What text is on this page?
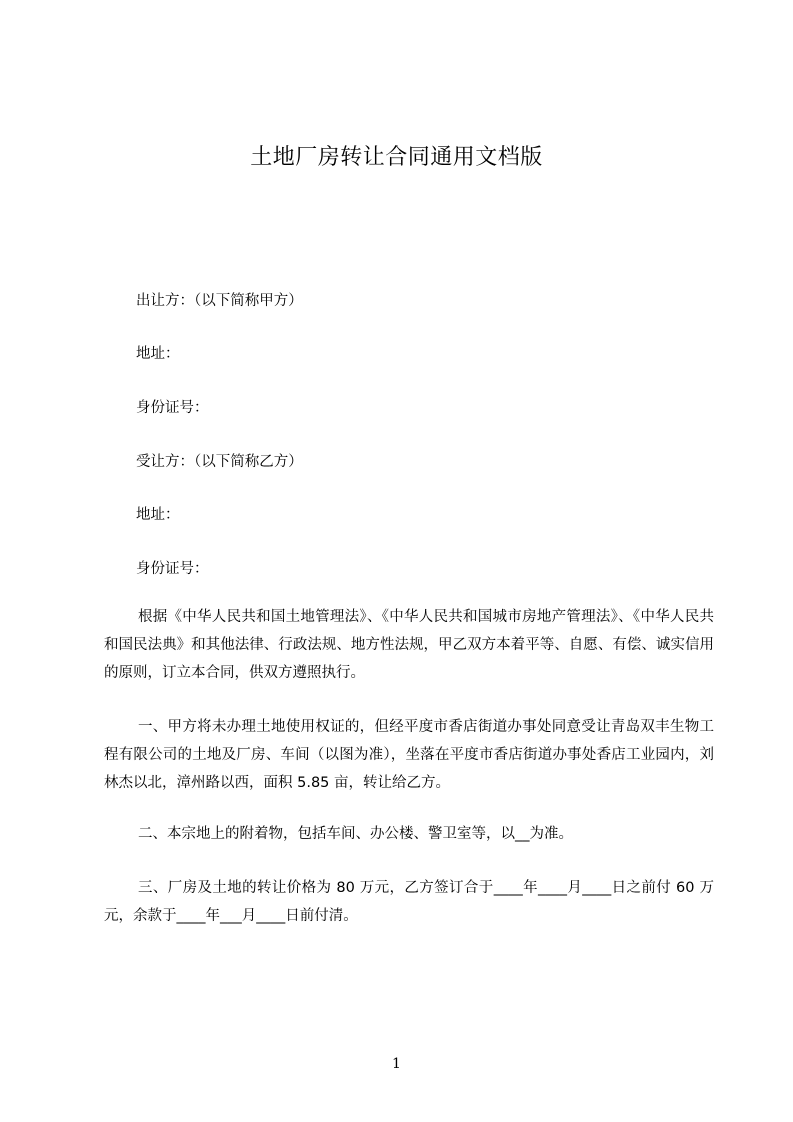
土地厂房转让合同通用文档版
出让方：（以下简称甲方）
地址：
身份证号：
受让方：（以下简称乙方）
地址：
身份证号：

根据《中华人民共和国土地管理法》、《中华人民共和国城市房地产管理法》、《中华人民共和国民法典》和其他法律、行政法规、地方性法规，甲乙双方本着平等、自愿、有偿、诚实信用的原则，订立本合同，供双方遵照执行。

一、甲方将未办理土地使用权证的，但经平度市香店街道办事处同意受让青岛双丰生物工程有限公司的土地及厂房、车间（以图为准），坐落在平度市香店街道办事处香店工业园内，刘林杰以北，漳州路以西，面积 5.85 亩，转让给乙方。

二、本宗地上的附着物，包括车间、办公楼、警卫室等，以__为准。

三、厂房及土地的转让价格为 80 万元，乙方签订合于____年____月____日之前付 60 万元，余款于____年___月____日前付清。

1
